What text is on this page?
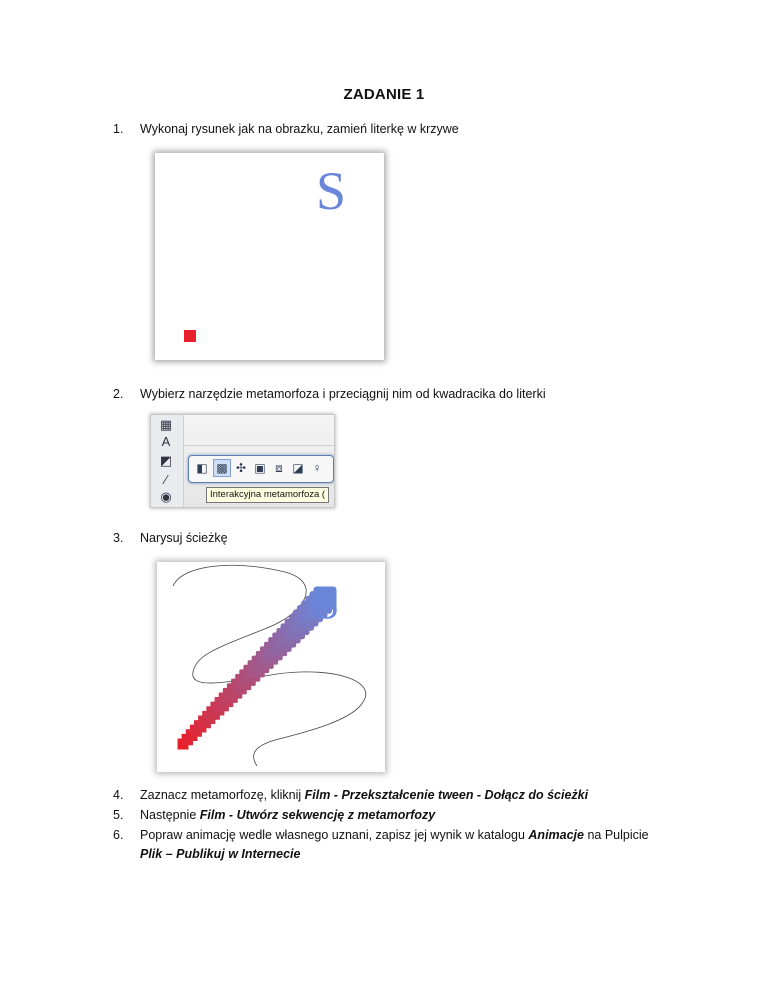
ZADANIE 1
1.	Wykonaj rysunek jak na obrazku, zamień literkę w krzywe
S
2.	Wybierz narzędzie metamorfoza i przeciągnij nim od kwadracika do literki
▦
A
◩
⁄
◉
◧ ▩ ✣ ▣ ⧈ ◪ ♀
Interakcyjna metamorfoza (
3.	Narysuj ścieżkę
S
4.	Zaznacz metamorfozę, kliknij Film - Przekształcenie tween - Dołącz do ścieżki
5.	Następnie Film - Utwórz sekwencję z metamorfozy
6.	Popraw animację wedle własnego uznani, zapisz jej wynik w katalogu Animacje na Pulpicie
Plik – Publikuj w Internecie
